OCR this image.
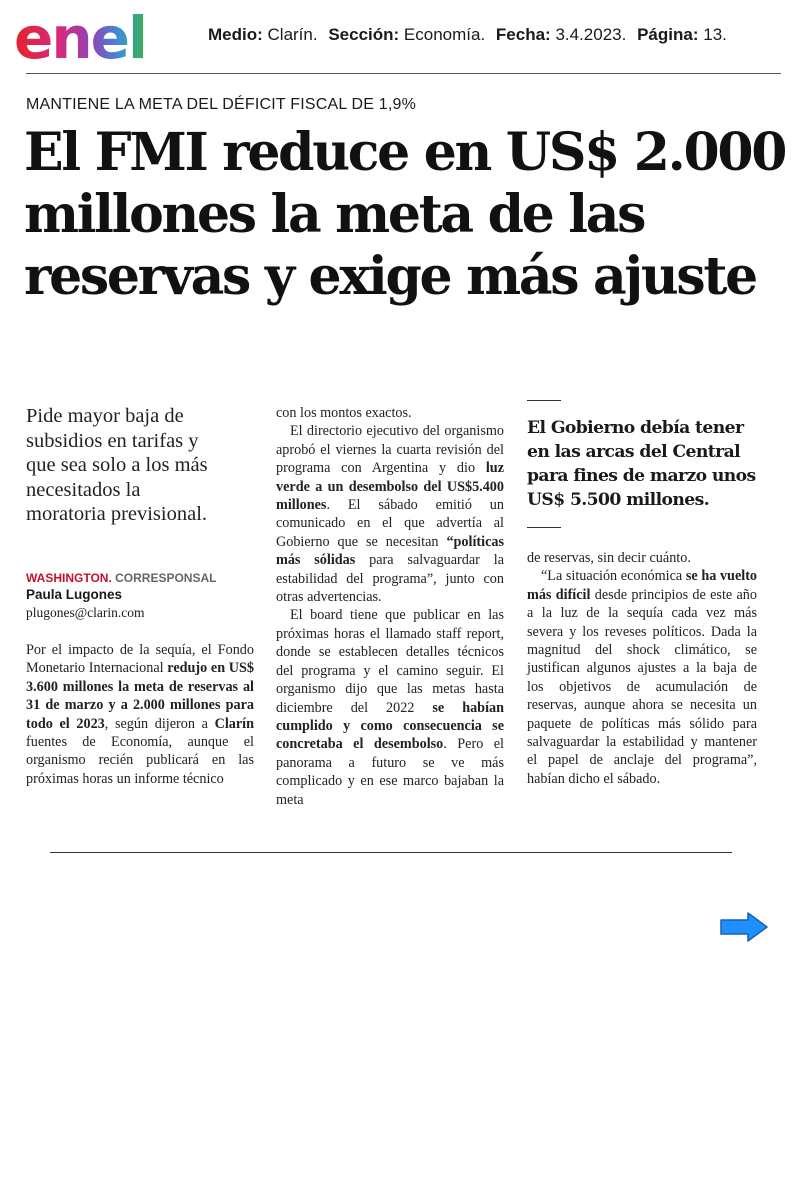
enel	Medio: Clarín. Sección: Economía. Fecha: 3.4.2023. Página: 13.
MANTIENE LA META DEL DÉFICIT FISCAL DE 1,9%
El FMI reduce en US$ 2.000
millones la meta de las
reservas y exige más ajuste
Pide mayor baja de
subsidios en tarifas y
que sea solo a los más
necesitados la
moratoria previsional.
WASHINGTON. CORRESPONSAL
Paula Lugones
plugones@clarin.com

Por el impacto de la sequía, el Fondo Monetario Internacional redujo en US$ 3.600 millones la meta de reservas al 31 de marzo y a 2.000 millones para todo el 2023, según dijeron a Clarín fuentes de Economía, aunque el organismo recién publicará en las próximas horas un informe técnico

con los montos exactos.

El directorio ejecutivo del organismo aprobó el viernes la cuarta revisión del programa con Argentina y dio luz verde a un desembolso del US$5.400 millones. El sábado emitió un comunicado en el que advertía al Gobierno que se necesitan “políticas más sólidas para salvaguardar la estabilidad del programa”, junto con otras advertencias.

El board tiene que publicar en las próximas horas el llamado staff report, donde se establecen detalles técnicos del programa y el camino seguir. El organismo dijo que las metas hasta diciembre del 2022 se habían cumplido y como consecuencia se concretaba el desembolso. Pero el panorama a futuro se ve más complicado y en ese marco bajaban la meta

El Gobierno debía tener
en las arcas del Central
para fines de marzo unos
US$ 5.500 millones.

de reservas, sin decir cuánto.

“La situación económica se ha vuelto más difícil desde principios de este año a la luz de la sequía cada vez más severa y los reveses políticos. Dada la magnitud del shock climático, se justifican algunos ajustes a la baja de los objetivos de acumulación de reservas, aunque ahora se necesita un paquete de políticas más sólido para salvaguardar la estabilidad y mantener el papel de anclaje del programa”, habían dicho el sábado.
